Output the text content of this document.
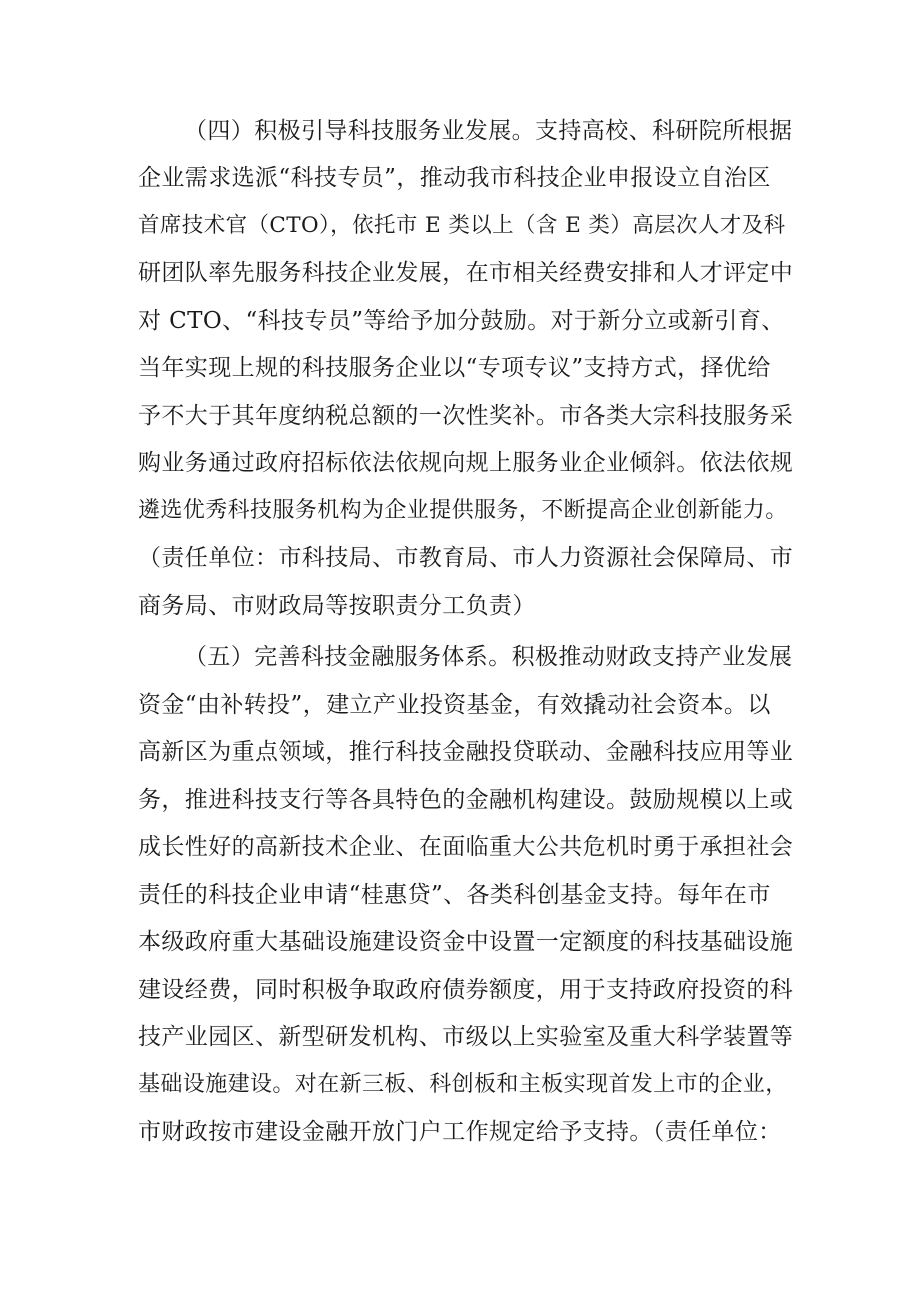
（四）积极引导科技服务业发展。支持高校、科研院所根据
企业需求选派“科技专员”，推动我市科技企业申报设立自治区
首席技术官（CTO），依托市 E 类以上（含 E 类）高层次人才及科
研团队率先服务科技企业发展，在市相关经费安排和人才评定中
对 CTO、“科技专员”等给予加分鼓励。对于新分立或新引育、
当年实现上规的科技服务企业以“专项专议”支持方式，择优给
予不大于其年度纳税总额的一次性奖补。市各类大宗科技服务采
购业务通过政府招标依法依规向规上服务业企业倾斜。依法依规
遴选优秀科技服务机构为企业提供服务，不断提高企业创新能力。
（责任单位：市科技局、市教育局、市人力资源社会保障局、市
商务局、市财政局等按职责分工负责）
（五）完善科技金融服务体系。积极推动财政支持产业发展
资金“由补转投”，建立产业投资基金，有效撬动社会资本。以
高新区为重点领域，推行科技金融投贷联动、金融科技应用等业
务，推进科技支行等各具特色的金融机构建设。鼓励规模以上或
成长性好的高新技术企业、在面临重大公共危机时勇于承担社会
责任的科技企业申请“桂惠贷”、各类科创基金支持。每年在市
本级政府重大基础设施建设资金中设置一定额度的科技基础设施
建设经费，同时积极争取政府债券额度，用于支持政府投资的科
技产业园区、新型研发机构、市级以上实验室及重大科学装置等
基础设施建设。对在新三板、科创板和主板实现首发上市的企业，
市财政按市建设金融开放门户工作规定给予支持。（责任单位：
